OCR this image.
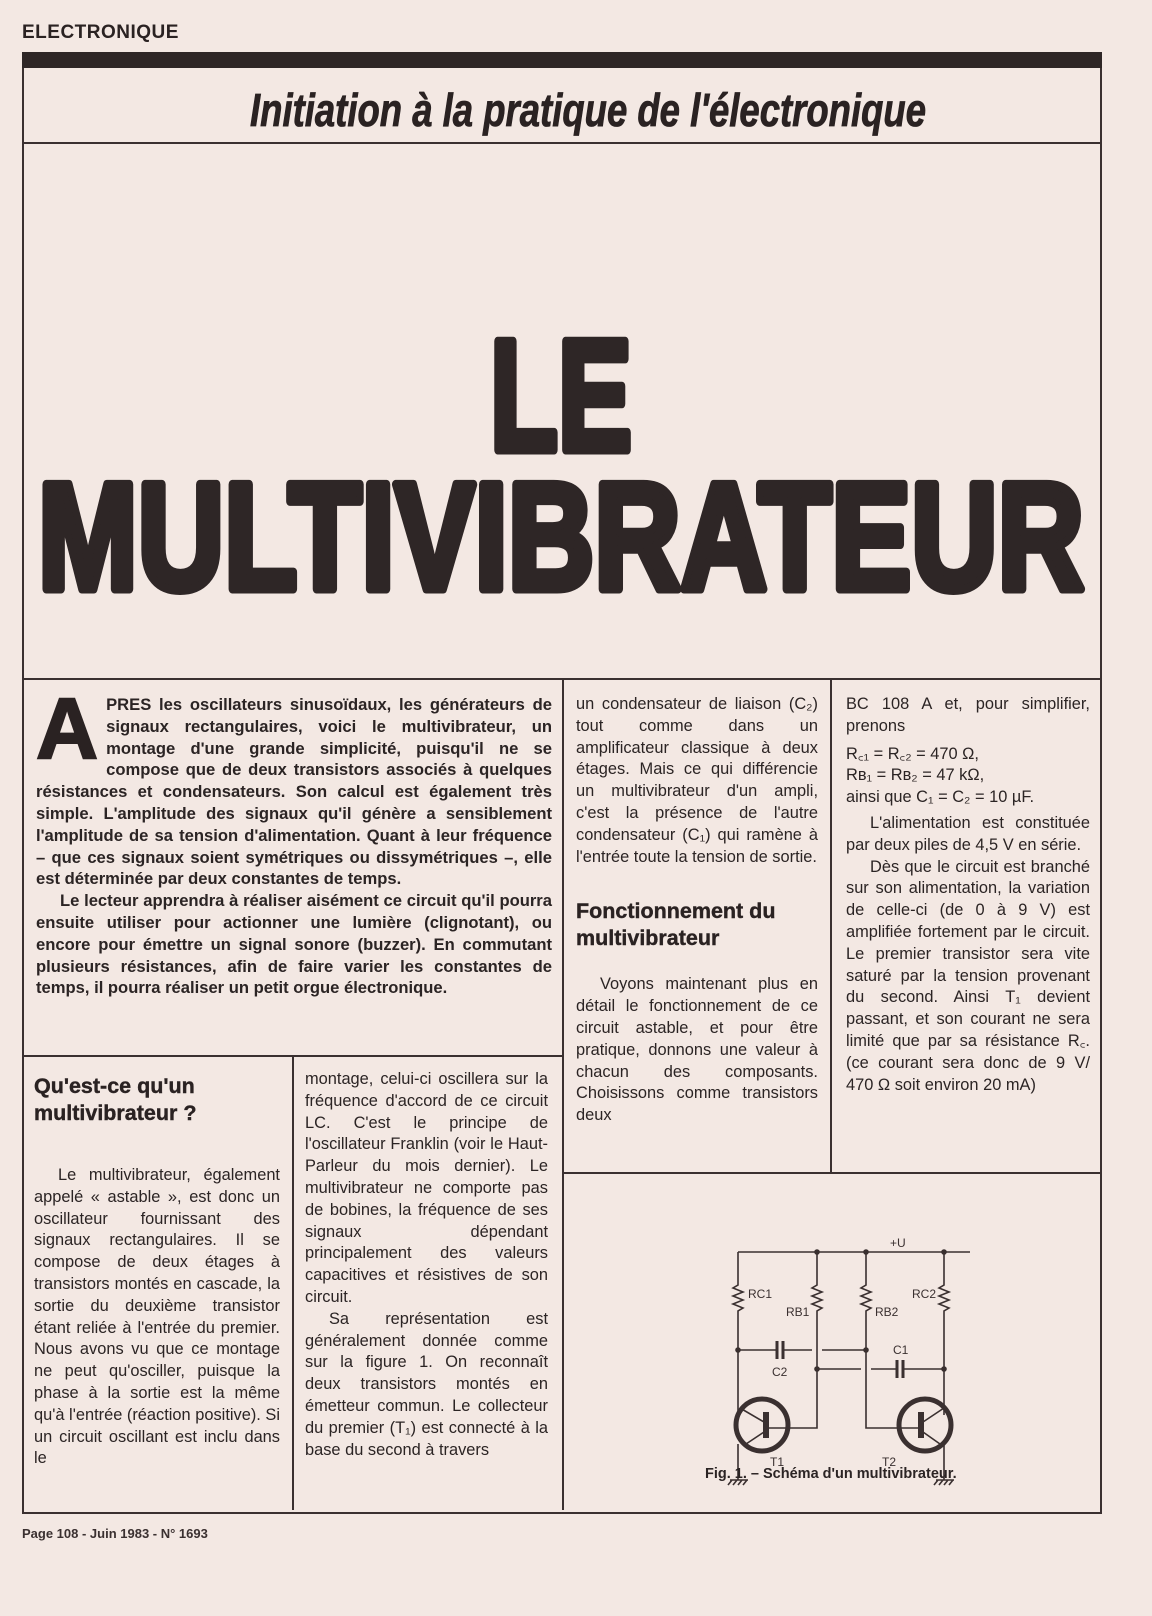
ELECTRONIQUE
Initiation à la pratique de l'électronique
LE
MULTIVIBRATEUR
A PRES les oscillateurs sinusoïdaux, les générateurs de signaux rectangulaires, voici le multivibrateur, un montage d'une grande simplicité, puisqu'il ne se compose que de deux transistors associés à quelques résistances et condensateurs. Son calcul est également très simple. L'amplitude des signaux qu'il génère a sensiblement l'amplitude de sa tension d'alimentation. Quant à leur fréquence – que ces signaux soient symétriques ou dissymétriques –, elle est déterminée par deux constantes de temps.

Le lecteur apprendra à réaliser aisément ce circuit qu'il pourra ensuite utiliser pour actionner une lumière (clignotant), ou encore pour émettre un signal sonore (buzzer). En commutant plusieurs résistances, afin de faire varier les constantes de temps, il pourra réaliser un petit orgue électronique.

Qu'est-ce qu'un multivibrateur ?

Le multivibrateur, également appelé « astable », est donc un oscillateur fournissant des signaux rectangulaires. Il se compose de deux étages à transistors montés en cascade, la sortie du deuxième transistor étant reliée à l'entrée du premier. Nous avons vu que ce montage ne peut qu'osciller, puisque la phase à la sortie est la même qu'à l'entrée (réaction positive). Si un circuit oscillant est inclu dans le

montage, celui-ci oscillera sur la fréquence d'accord de ce circuit LC. C'est le principe de l'oscillateur Franklin (voir le Haut-Parleur du mois dernier). Le multivibrateur ne comporte pas de bobines, la fréquence de ses signaux dépendant principalement des valeurs capacitives et résistives de son circuit.

Sa représentation est généralement donnée comme sur la figure 1. On reconnaît deux transistors montés en émetteur commun. Le collecteur du premier (T₁) est connecté à la base du second à travers

un condensateur de liaison (C₂) tout comme dans un amplificateur classique à deux étages. Mais ce qui différencie un multivibrateur d'un ampli, c'est la présence de l'autre condensateur (C₁) qui ramène à l'entrée toute la tension de sortie.

Fonctionnement du multivibrateur

Voyons maintenant plus en détail le fonctionnement de ce circuit astable, et pour être pratique, donnons une valeur à chacun des composants. Choisissons comme transistors deux

BC 108 A et, pour simplifier, prenons

R꜀₁ = R꜀₂ = 470 Ω,
Rʙ₁ = Rʙ₂ = 47 kΩ,
ainsi que C₁ = C₂ = 10 µF.

L'alimentation est constituée par deux piles de 4,5 V en série.

Dès que le circuit est branché sur son alimentation, la variation de celle-ci (de 0 à 9 V) est amplifiée fortement par le circuit. Le premier transistor sera vite saturé par la tension provenant du second. Ainsi T₁ devient passant, et son courant ne sera limité que par sa résistance R꜀. (ce courant sera donc de 9 V/ 470 Ω soit environ 20 mA)

+U
RC1
RB1	RB2
RC2
C2
C1
T1	T2
Fig. 1. – Schéma d'un multivibrateur.
Page 108 - Juin 1983 - N° 1693
